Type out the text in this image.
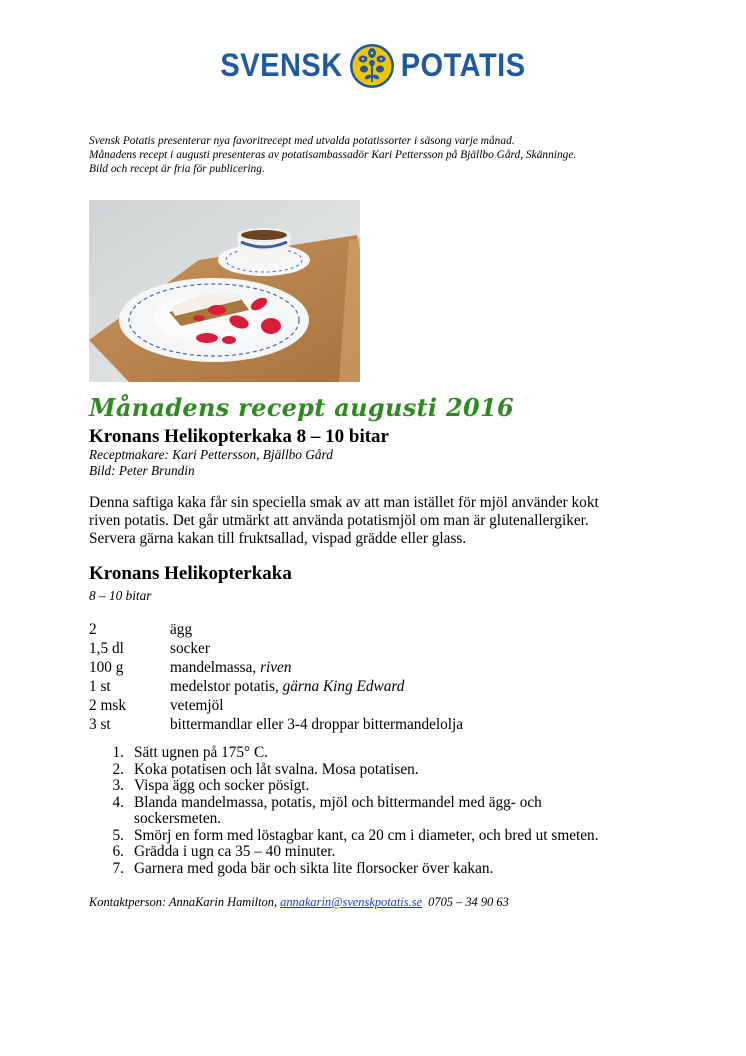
SVENSK POTATIS
Svensk Potatis presenterar nya favoritrecept med utvalda potatissorter i säsong varje månad.
Månadens recept i augusti presenteras av potatisambassadör Kari Pettersson på Bjällbo Gård, Skänninge.
Bild och recept är fria för publicering.
Månadens recept augusti 2016
Kronans Helikopterkaka 8 – 10 bitar
Receptmakare: Kari Pettersson, Bjällbo Gård
Bild: Peter Brundin
Denna saftiga kaka får sin speciella smak av att man istället för mjöl använder kokt
riven potatis. Det går utmärkt att använda potatismjöl om man är glutenallergiker.
Servera gärna kakan till fruktsallad, vispad grädde eller glass.
Kronans Helikopterkaka
8 – 10 bitar
2	ägg
1,5 dl	socker
100 g	mandelmassa, riven
1 st	medelstor potatis, gärna King Edward
2 msk	vetemjöl
3 st	bittermandlar eller 3-4 droppar bittermandelolja
1. Sätt ugnen på 175° C.
2. Koka potatisen och låt svalna. Mosa potatisen.
3. Vispa ägg och socker pösigt.
4. Blanda mandelmassa, potatis, mjöl och bittermandel med ägg- och sockersmeten.
5. Smörj en form med löstagbar kant, ca 20 cm i diameter, och bred ut smeten.
6. Grädda i ugn ca 35 – 40 minuter.
7. Garnera med goda bär och sikta lite florsocker över kakan.
Kontaktperson: AnnaKarin Hamilton, annakarin@svenskpotatis.se  0705 – 34 90 63
